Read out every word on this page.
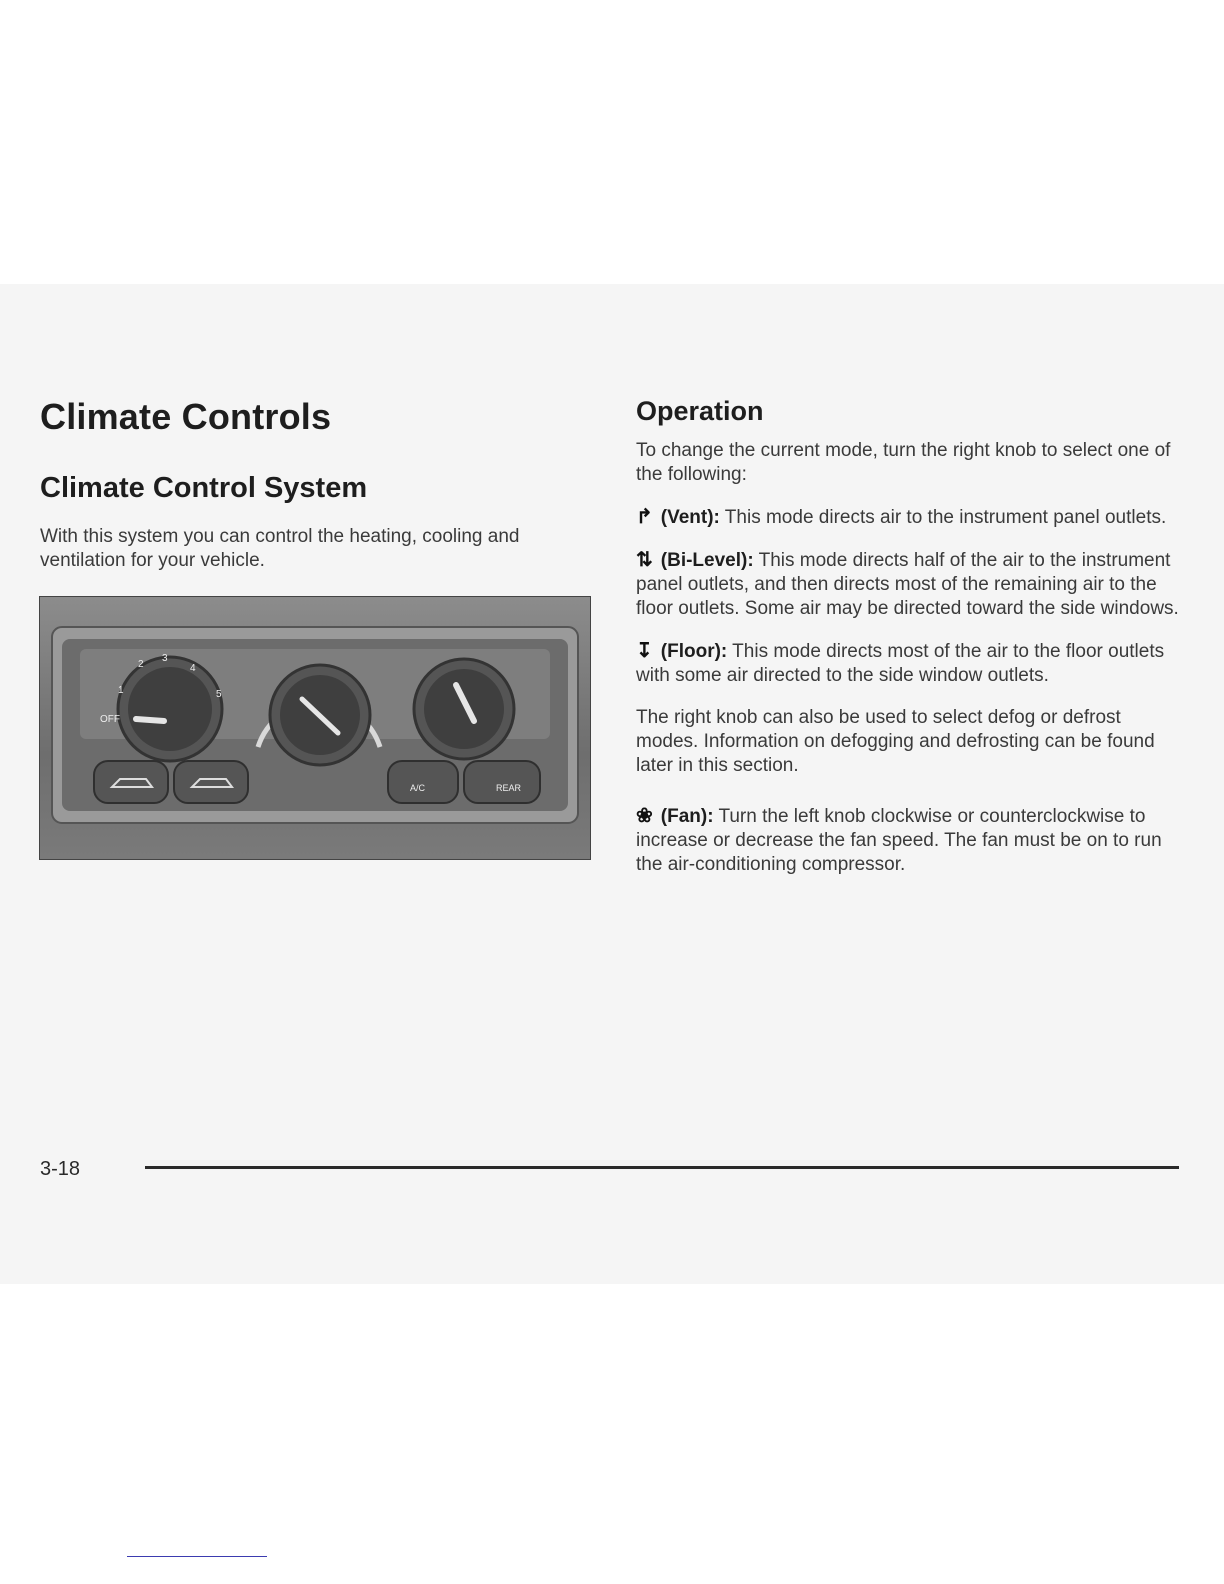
Climate Controls
Climate Control System

With this system you can control the heating, cooling and ventilation for your vehicle.

OFF
1
2
3
4
5
A/C	REAR
Operation

To change the current mode, turn the right knob to select one of the following:

↱ (Vent): This mode directs air to the instrument panel outlets.

⇅ (Bi-Level): This mode directs half of the air to the instrument panel outlets, and then directs most of the remaining air to the floor outlets. Some air may be directed toward the side windows.

↧ (Floor): This mode directs most of the air to the floor outlets with some air directed to the side window outlets.

The right knob can also be used to select defog or defrost modes. Information on defogging and defrosting can be found later in this section.

❀ (Fan): Turn the left knob clockwise or counterclockwise to increase or decrease the fan speed. The fan must be on to run the air-conditioning compressor.

3-18
